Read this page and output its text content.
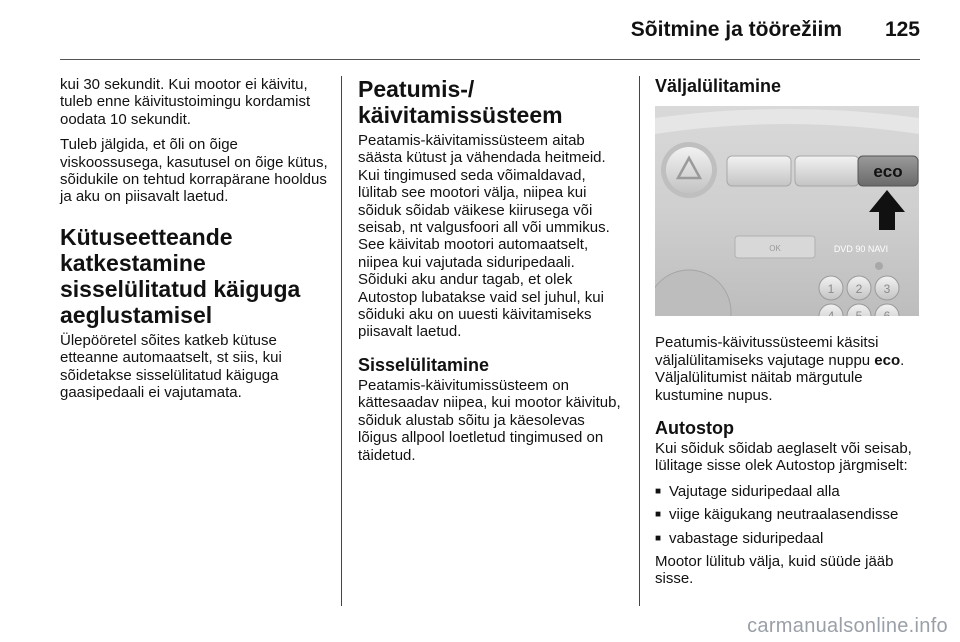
Sõitmine ja töörežiim 125

kui 30 sekundit. Kui mootor ei käivitu, tuleb enne käivitustoimingu kordamist oodata 10 sekundit.

Tuleb jälgida, et õli on õige viskoossusega, kasutusel on õige kütus, sõidukile on tehtud korrapärane hooldus ja aku on piisavalt laetud.

Kütuseetteande katkestamine sisselülitatud käiguga aeglustamisel

Ülepööretel sõites katkeb kütuse etteanne automaatselt, st siis, kui sõidetakse sisselülitatud käiguga gaasipedaali ei vajutamata.

Peatumis-/ käivitamissüsteem

Peatamis-käivitamissüsteem aitab säästa kütust ja vähendada heitmeid. Kui tingimused seda võimaldavad, lülitab see mootori välja, niipea kui sõiduk sõidab väikese kiirusega või seisab, nt valgusfoori all või ummikus. See käivitab mootori automaatselt, niipea kui vajutada siduripedaali. Sõiduki aku andur tagab, et olek Autostop lubatakse vaid sel juhul, kui sõiduki aku on uuesti käivitamiseks piisavalt laetud.

Sisselülitamine

Peatamis-käivitumissüsteem on kättesaadav niipea, kui mootor käivitub, sõiduk alustab sõitu ja käesolevas lõigus allpool loetletud tingimused on täidetud.

Väljalülitamine
eco
OK	DVD 90 NAVI
1 2 3
4 5 6

Peatumis-käivitussüsteemi käsitsi väljalülitamiseks vajutage nuppu eco. Väljalülitumist näitab märgutule kustumine nupus.

Autostop

Kui sõiduk sõidab aeglaselt või seisab, lülitage sisse olek Autostop järgmiselt:

■ Vajutage siduripedaal alla
■ viige käigukang neutraalasendisse
■ vabastage siduripedaal

Mootor lülitub välja, kuid süüde jääb sisse.

carmanualsonline.info
